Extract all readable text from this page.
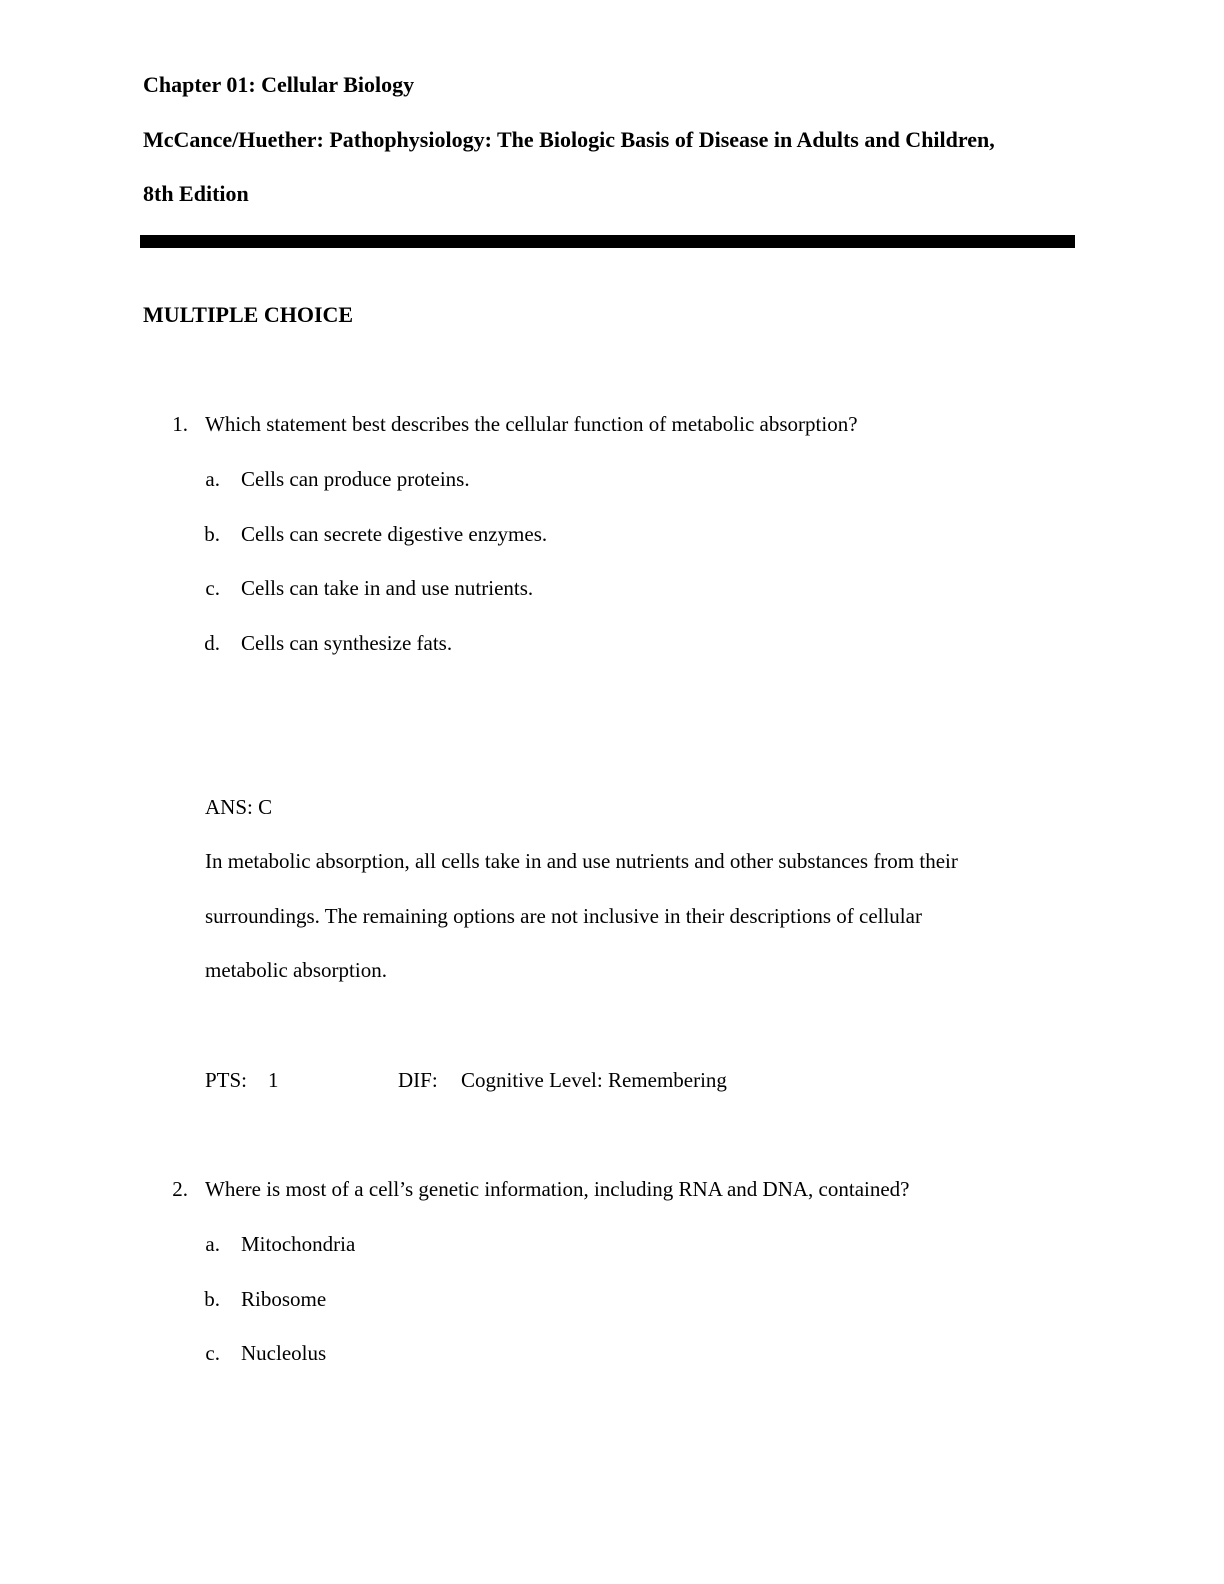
Chapter 01: Cellular Biology
McCance/Huether: Pathophysiology: The Biologic Basis of Disease in Adults and Children,
8th Edition
MULTIPLE CHOICE
1. Which statement best describes the cellular function of metabolic absorption?
a. Cells can produce proteins.
b. Cells can secrete digestive enzymes.
c. Cells can take in and use nutrients.
d. Cells can synthesize fats.
ANS: C
In metabolic absorption, all cells take in and use nutrients and other substances from their
surroundings. The remaining options are not inclusive in their descriptions of cellular
metabolic absorption.
PTS: 1	DIF: Cognitive Level: Remembering
2. Where is most of a cell’s genetic information, including RNA and DNA, contained?
a. Mitochondria
b. Ribosome
c. Nucleolus
